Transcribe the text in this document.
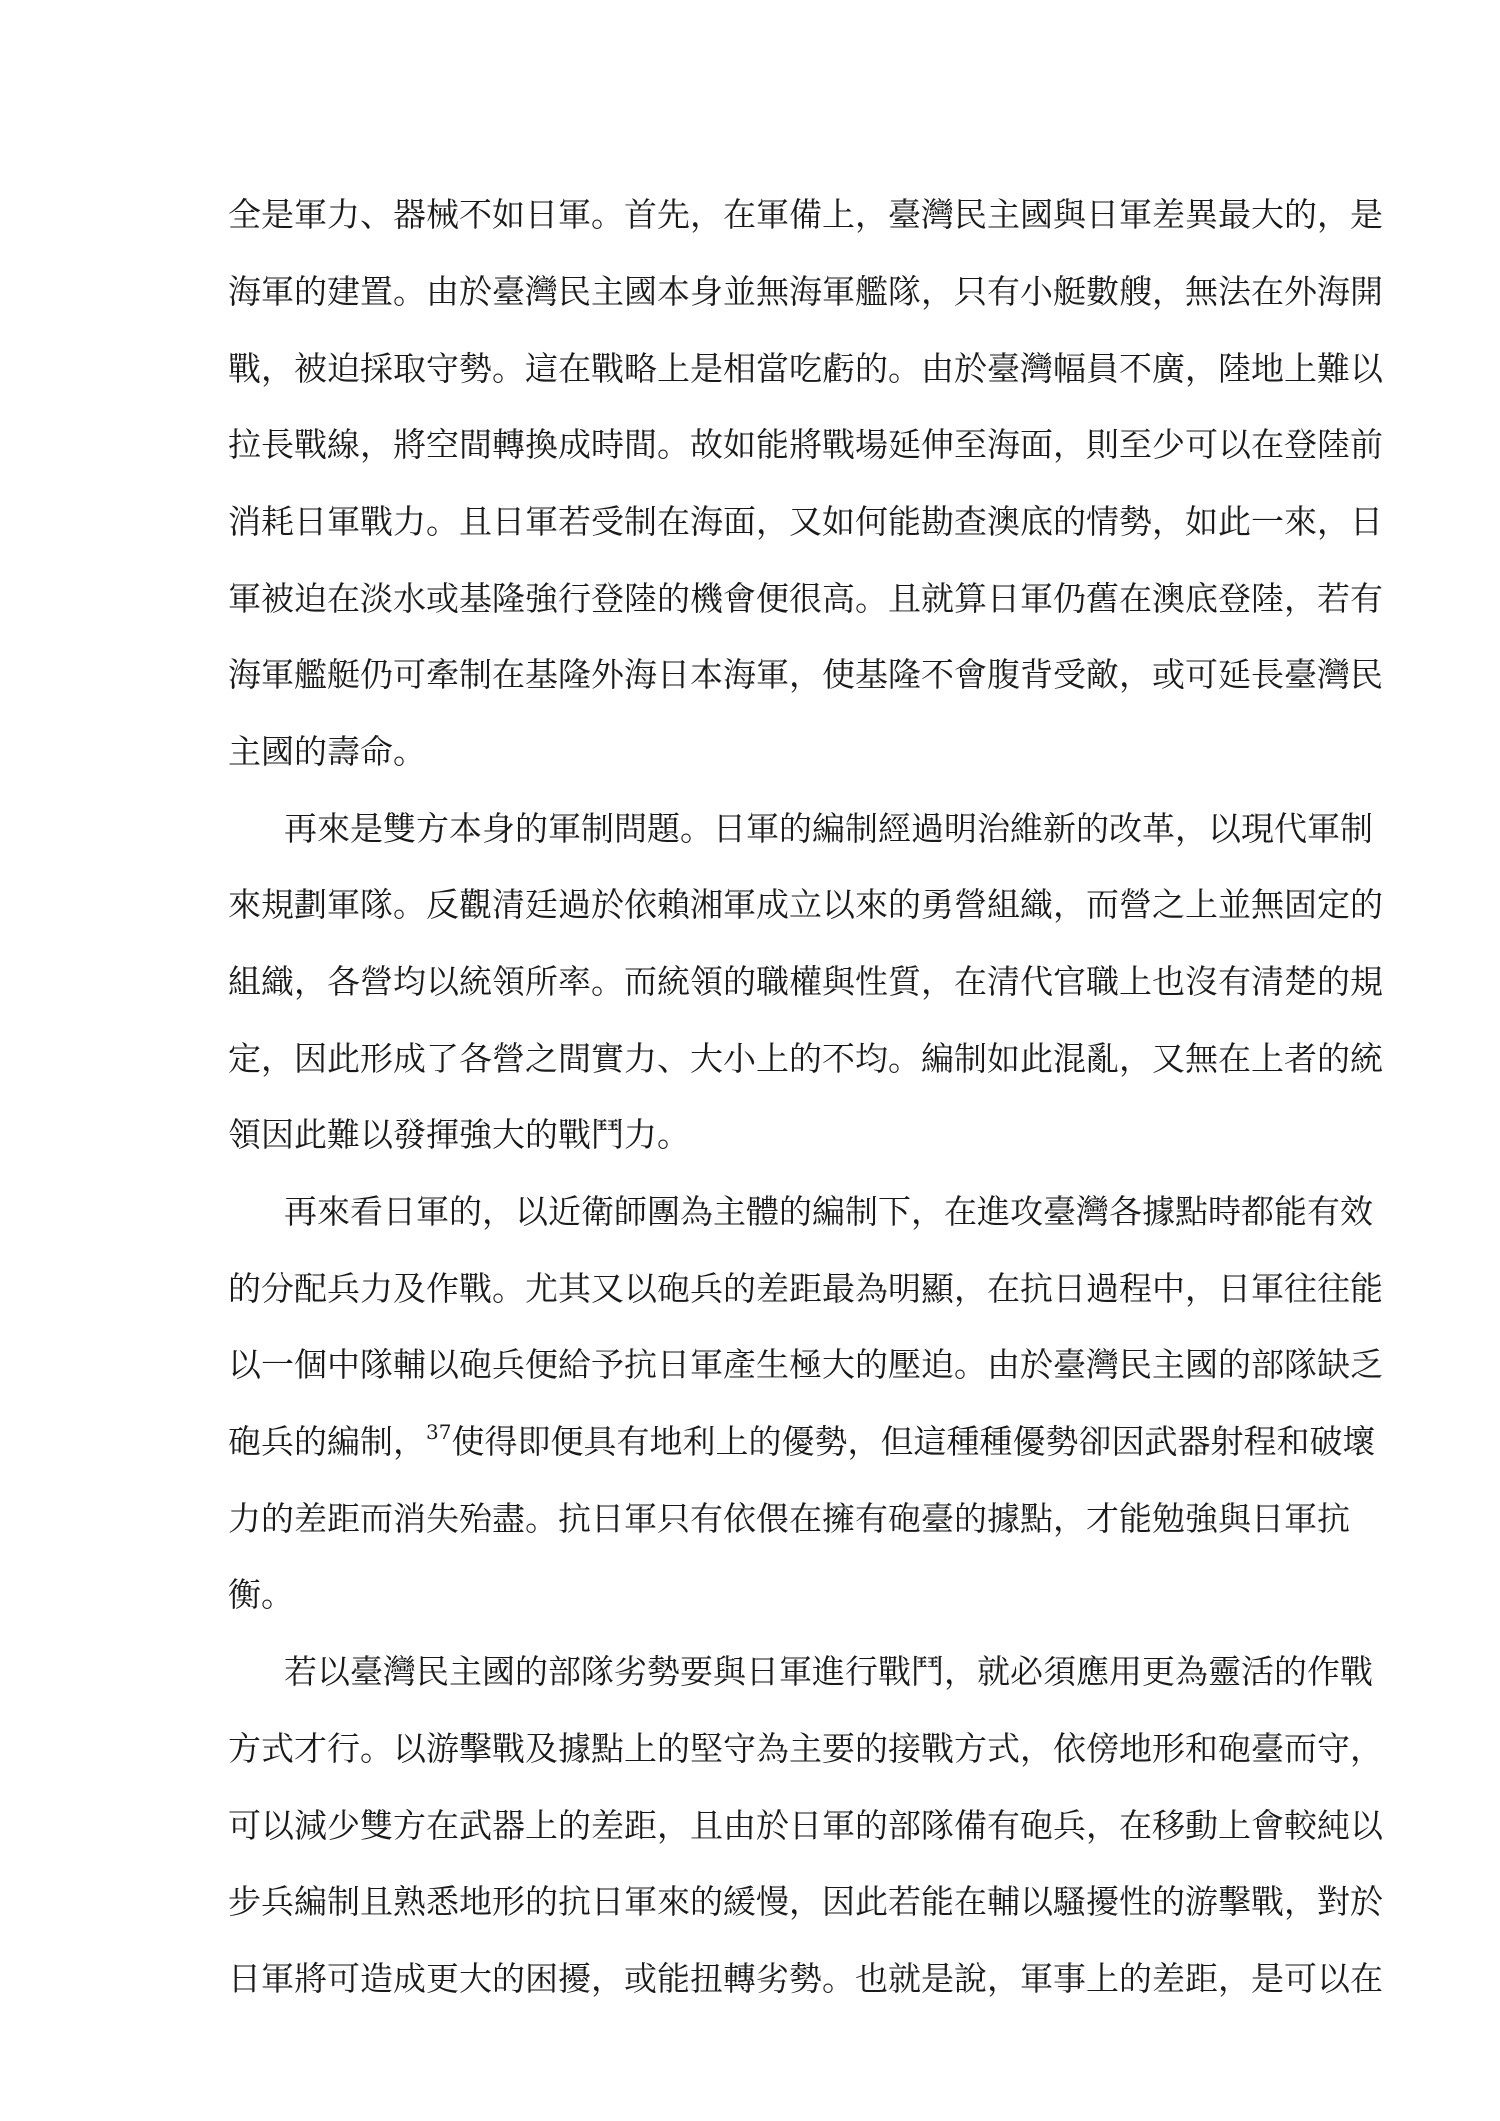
全是軍力、器械不如日軍。首先，在軍備上，臺灣民主國與日軍差異最大的，是
海軍的建置。由於臺灣民主國本身並無海軍艦隊，只有小艇數艘，無法在外海開
戰，被迫採取守勢。這在戰略上是相當吃虧的。由於臺灣幅員不廣，陸地上難以
拉長戰線，將空間轉換成時間。故如能將戰場延伸至海面，則至少可以在登陸前
消耗日軍戰力。且日軍若受制在海面，又如何能勘查澳底的情勢，如此一來，日
軍被迫在淡水或基隆強行登陸的機會便很高。且就算日軍仍舊在澳底登陸，若有
海軍艦艇仍可牽制在基隆外海日本海軍，使基隆不會腹背受敵，或可延長臺灣民
主國的壽命。
再來是雙方本身的軍制問題。日軍的編制經過明治維新的改革，以現代軍制
來規劃軍隊。反觀清廷過於依賴湘軍成立以來的勇營組織，而營之上並無固定的
組織，各營均以統領所率。而統領的職權與性質，在清代官職上也沒有清楚的規
定，因此形成了各營之間實力、大小上的不均。編制如此混亂，又無在上者的統
領因此難以發揮強大的戰鬥力。
再來看日軍的，以近衛師團為主體的編制下，在進攻臺灣各據點時都能有效
的分配兵力及作戰。尤其又以砲兵的差距最為明顯，在抗日過程中，日軍往往能
以一個中隊輔以砲兵便給予抗日軍產生極大的壓迫。由於臺灣民主國的部隊缺乏
砲兵的編制，$^{37}$使得即便具有地利上的優勢，但這種種優勢卻因武器射程和破壞
力的差距而消失殆盡。抗日軍只有依偎在擁有砲臺的據點，才能勉強與日軍抗
衡。
若以臺灣民主國的部隊劣勢要與日軍進行戰鬥，就必須應用更為靈活的作戰
方式才行。以游擊戰及據點上的堅守為主要的接戰方式，依傍地形和砲臺而守，
可以減少雙方在武器上的差距，且由於日軍的部隊備有砲兵，在移動上會較純以
步兵編制且熟悉地形的抗日軍來的緩慢，因此若能在輔以騷擾性的游擊戰，對於
日軍將可造成更大的困擾，或能扭轉劣勢。也就是說，軍事上的差距，是可以在
